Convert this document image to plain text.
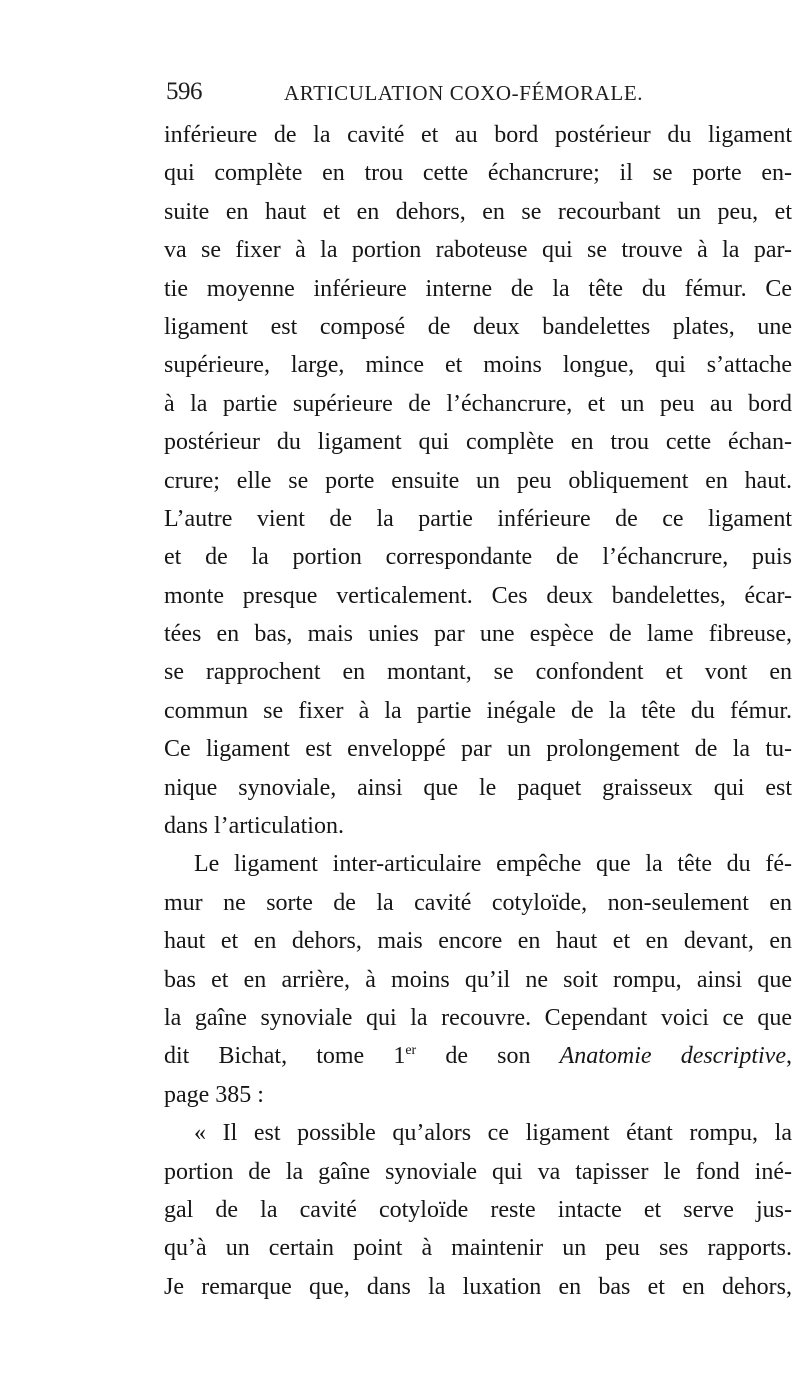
596	ARTICULATION COXO-FÉMORALE.
inférieure de la cavité et au bord postérieur du ligament
qui complète en trou cette échancrure; il se porte en-
suite en haut et en dehors, en se recourbant un peu, et
va se fixer à la portion raboteuse qui se trouve à la par-
tie moyenne inférieure interne de la tête du fémur. Ce
ligament est composé de deux bandelettes plates, une
supérieure, large, mince et moins longue, qui s’attache
à la partie supérieure de l’échancrure, et un peu au bord
postérieur du ligament qui complète en trou cette échan-
crure; elle se porte ensuite un peu obliquement en haut.
L’autre vient de la partie inférieure de ce ligament
et de la portion correspondante de l’échancrure, puis
monte presque verticalement. Ces deux bandelettes, écar-
tées en bas, mais unies par une espèce de lame fibreuse,
se rapprochent en montant, se confondent et vont en
commun se fixer à la partie inégale de la tête du fémur.
Ce ligament est enveloppé par un prolongement de la tu-
nique synoviale, ainsi que le paquet graisseux qui est
dans l’articulation.
Le ligament inter-articulaire empêche que la tête du fé-
mur ne sorte de la cavité cotyloïde, non-seulement en
haut et en dehors, mais encore en haut et en devant, en
bas et en arrière, à moins qu’il ne soit rompu, ainsi que
la gaîne synoviale qui la recouvre. Cependant voici ce que
dit Bichat, tome 1er de son Anatomie descriptive,
page 385 :
« Il est possible qu’alors ce ligament étant rompu, la
portion de la gaîne synoviale qui va tapisser le fond iné-
gal de la cavité cotyloïde reste intacte et serve jus-
qu’à un certain point à maintenir un peu ses rapports.
Je remarque que, dans la luxation en bas et en dehors,
